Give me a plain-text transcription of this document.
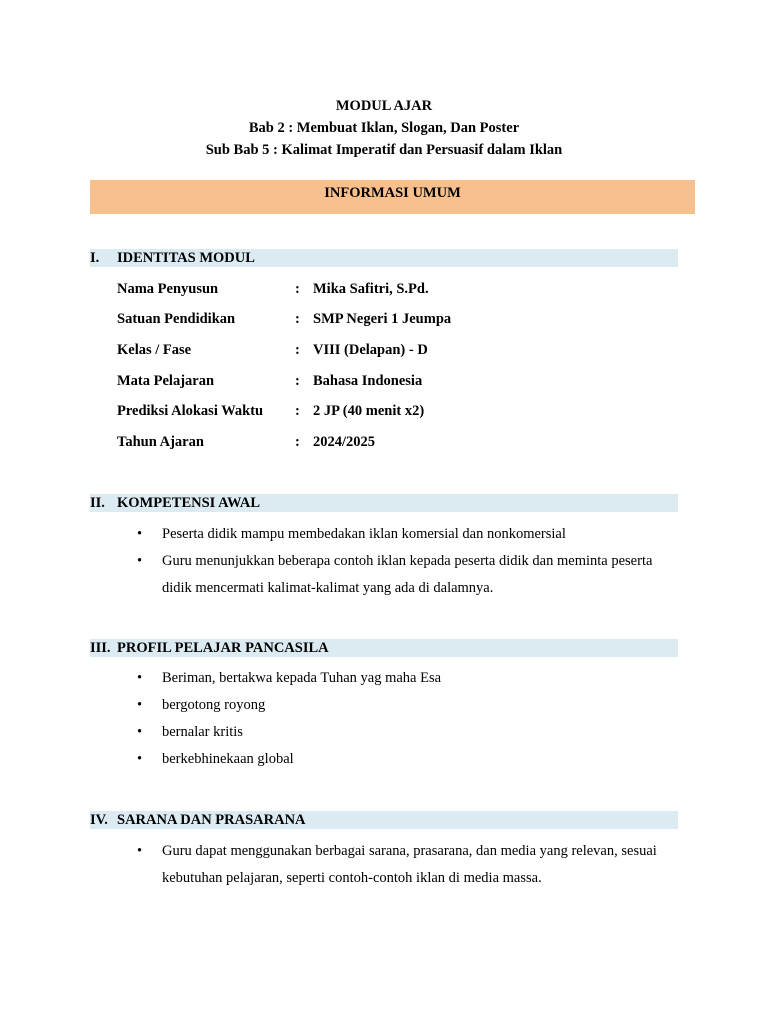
MODUL AJAR
Bab 2 : Membuat Iklan, Slogan, Dan Poster
Sub Bab 5 : Kalimat Imperatif dan Persuasif dalam Iklan
INFORMASI UMUM
I. IDENTITAS MODUL
Nama Penyusun	: Mika Safitri, S.Pd.
Satuan Pendidikan	: SMP Negeri 1 Jeumpa
Kelas / Fase	: VIII (Delapan) - D
Mata Pelajaran	: Bahasa Indonesia
Prediksi Alokasi Waktu : 2 JP (40 menit x2)
Tahun Ajaran	: 2024/2025
II. KOMPETENSI AWAL
•	Peserta didik mampu membedakan iklan komersial dan nonkomersial
•	Guru menunjukkan beberapa contoh iklan kepada peserta didik dan meminta peserta
didik mencermati kalimat-kalimat yang ada di dalamnya.
III. PROFIL PELAJAR PANCASILA
•	Beriman, bertakwa kepada Tuhan yag maha Esa
•	bergotong royong
•	bernalar kritis
•	berkebhinekaan global
IV. SARANA DAN PRASARANA
•	Guru dapat menggunakan berbagai sarana, prasarana, dan media yang relevan, sesuai
kebutuhan pelajaran, seperti contoh-contoh iklan di media massa.
